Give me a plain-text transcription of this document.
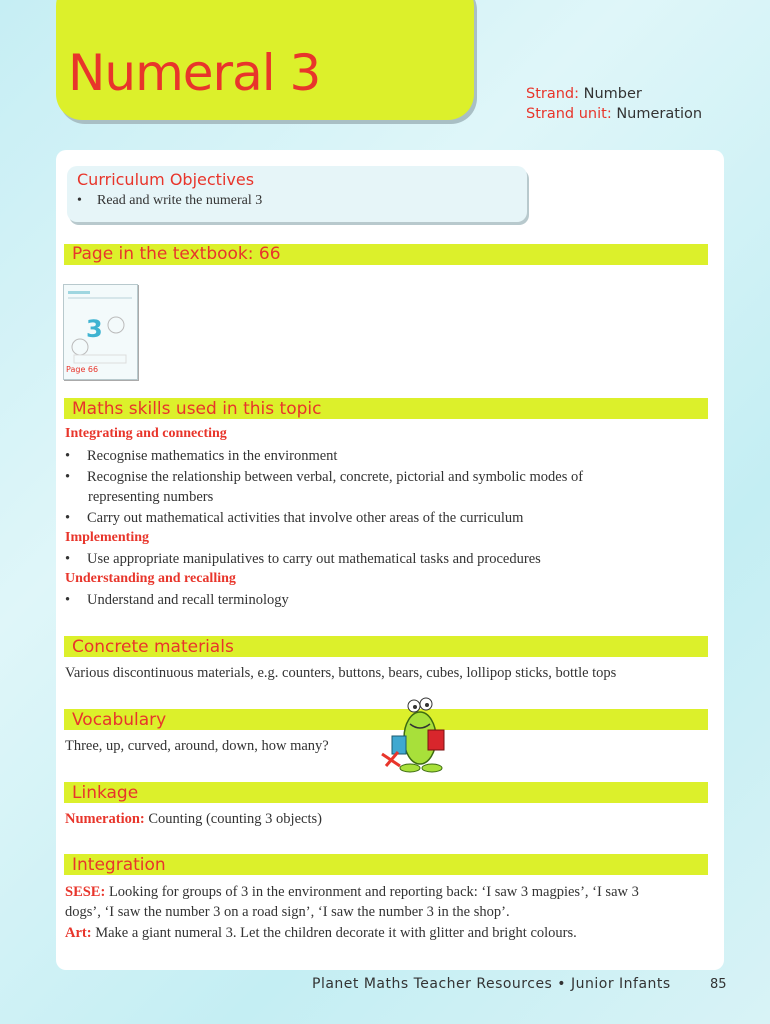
Numeral 3	Strand: Number
Strand unit: Numeration
Curriculum Objectives
• Read and write the numeral 3
Page in the textbook: 66
3
Page 66
Maths skills used in this topic
Integrating and connecting
• Recognise mathematics in the environment
• Recognise the relationship between verbal, concrete, pictorial and symbolic modes of
representing numbers
• Carry out mathematical activities that involve other areas of the curriculum
Implementing
• Use appropriate manipulatives to carry out mathematical tasks and procedures
Understanding and recalling
• Understand and recall terminology
Concrete materials
Various discontinuous materials, e.g. counters, buttons, bears, cubes, lollipop sticks, bottle tops
Vocabulary
Three, up, curved, around, down, how many?
Linkage
Numeration: Counting (counting 3 objects)
Integration
SESE: Looking for groups of 3 in the environment and reporting back: ‘I saw 3 magpies’, ‘I saw 3
dogs’, ‘I saw the number 3 on a road sign’, ‘I saw the number 3 in the shop’.
Art: Make a giant numeral 3. Let the children decorate it with glitter and bright colours.
Planet Maths Teacher Resources • Junior Infants	85
